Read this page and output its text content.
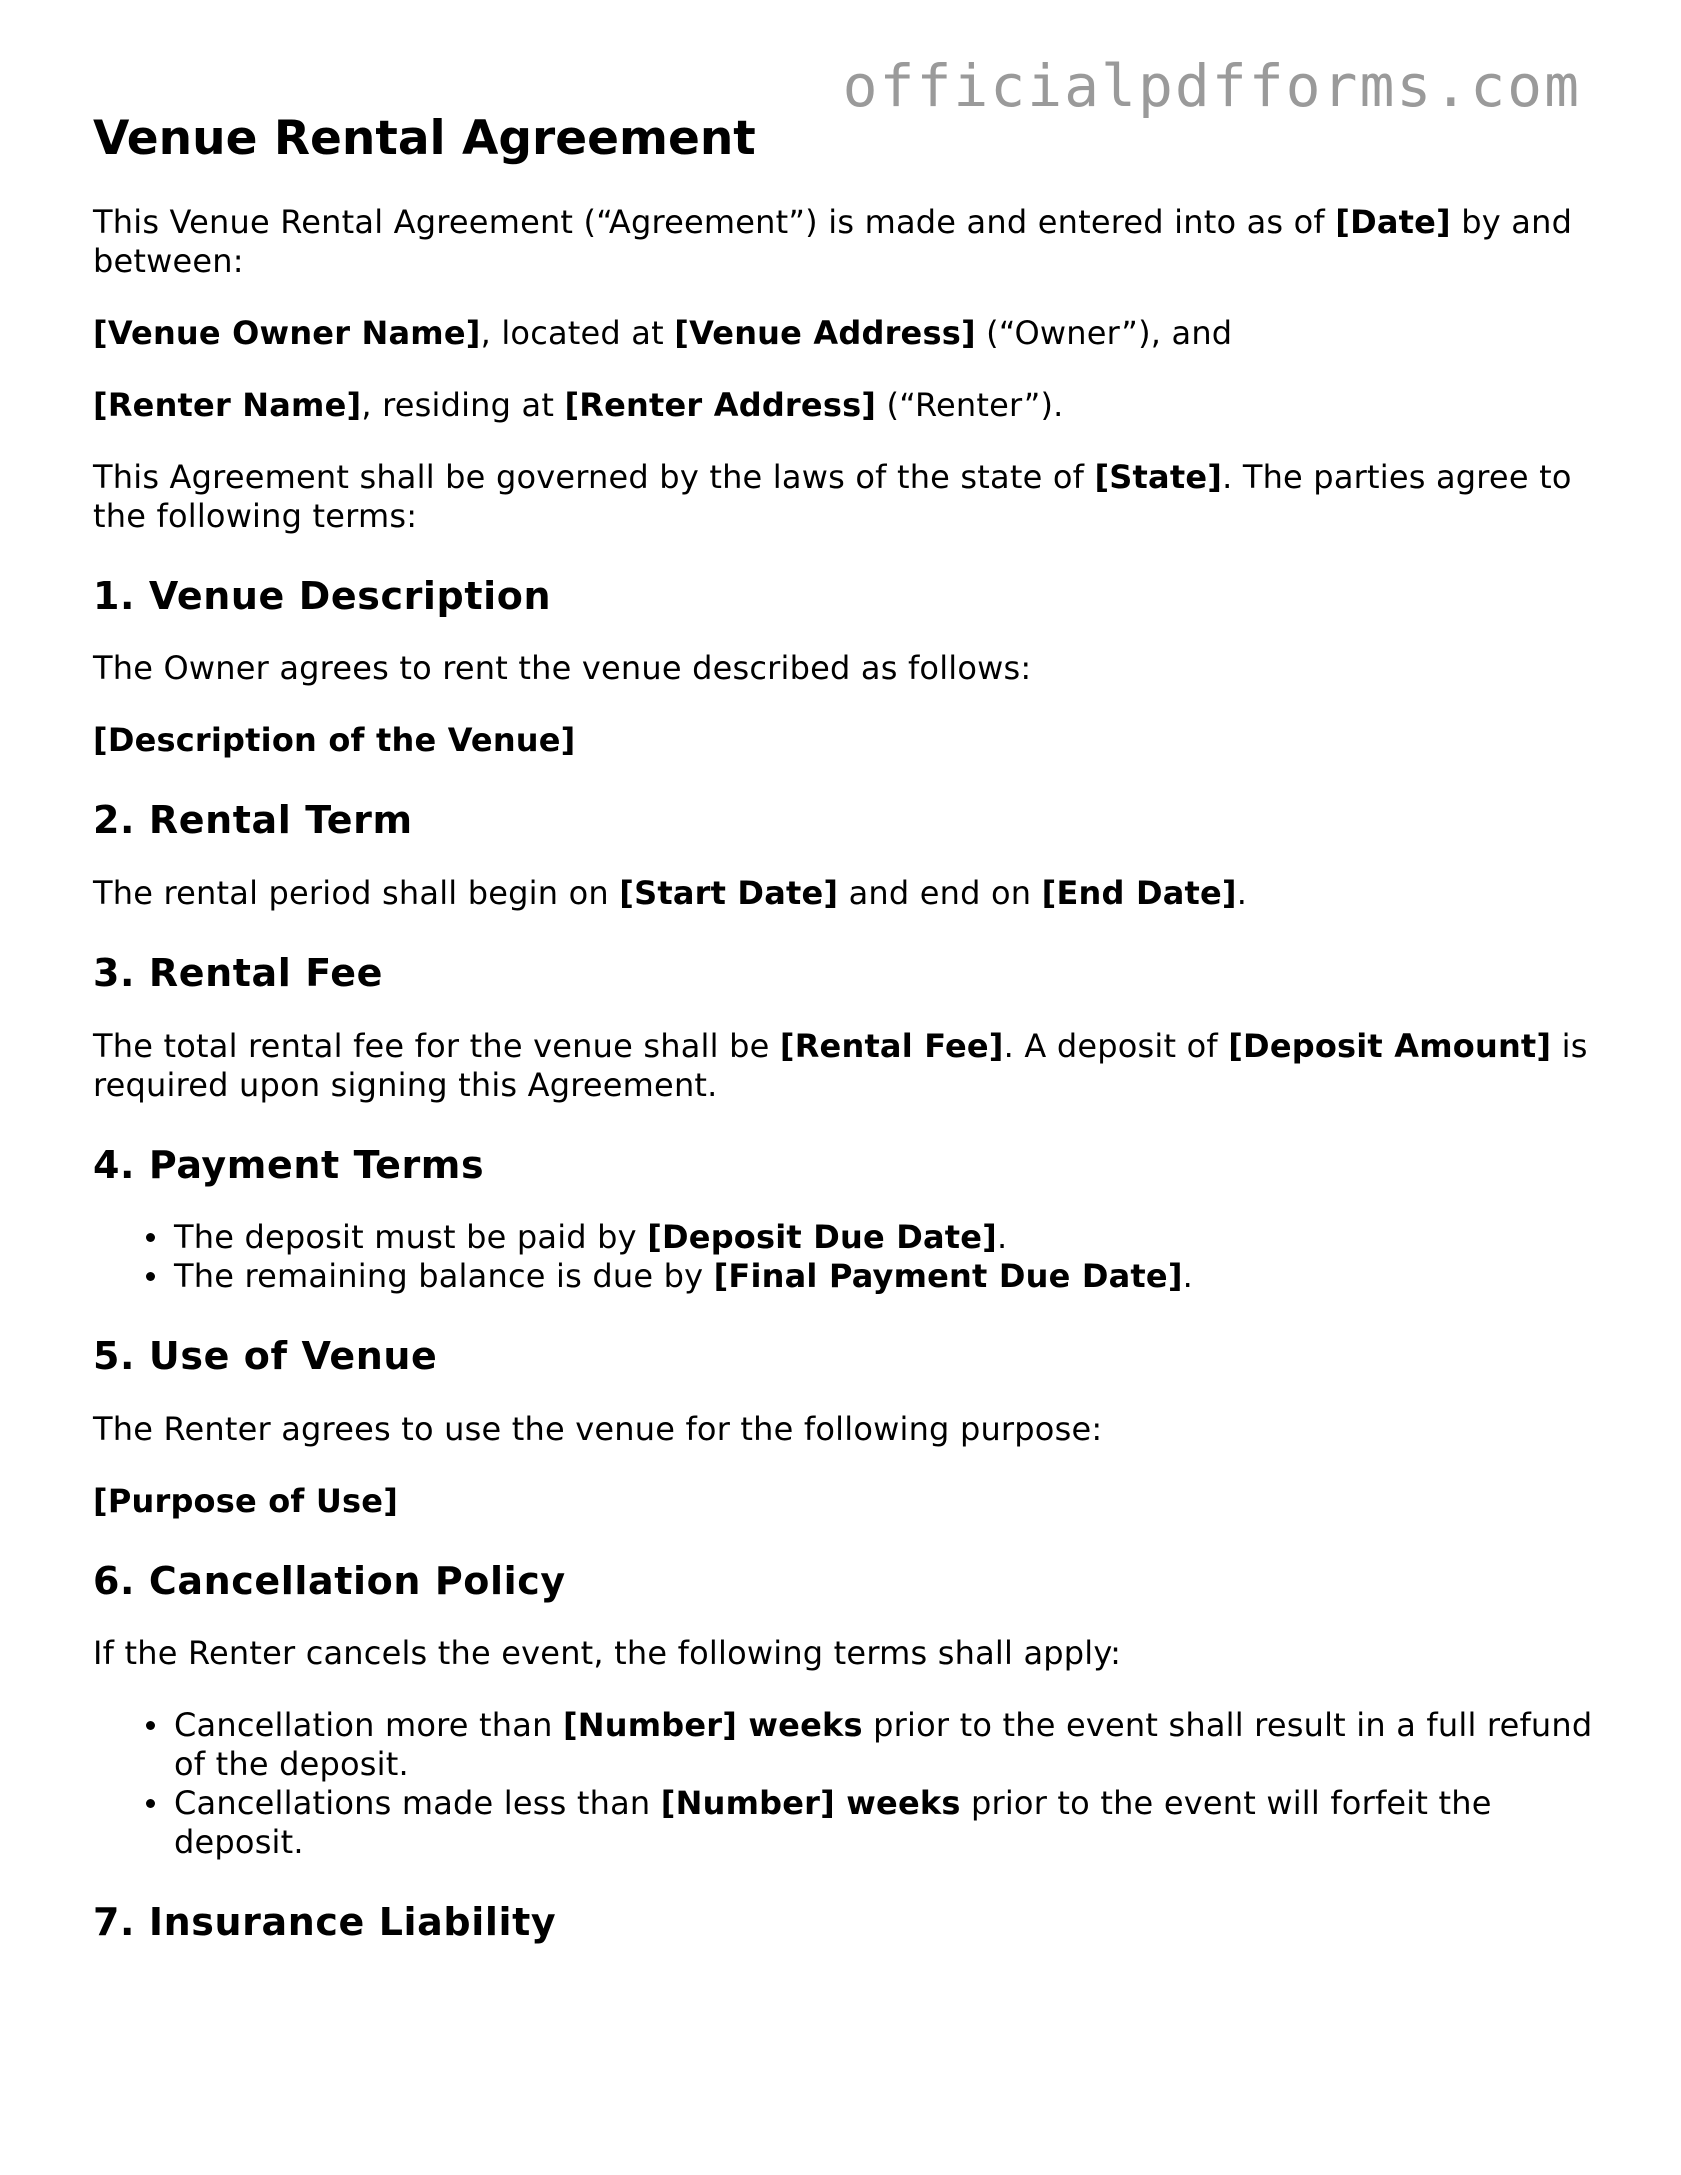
officialpdfforms.com
Venue Rental Agreement

This Venue Rental Agreement (“Agreement”) is made and entered into as of [Date] by and between:

[Venue Owner Name], located at [Venue Address] (“Owner”), and

[Renter Name], residing at [Renter Address] (“Renter”).

This Agreement shall be governed by the laws of the state of [State]. The parties agree to the following terms:

1. Venue Description

The Owner agrees to rent the venue described as follows:

[Description of the Venue]

2. Rental Term

The rental period shall begin on [Start Date] and end on [End Date].

3. Rental Fee

The total rental fee for the venue shall be [Rental Fee]. A deposit of [Deposit Amount] is required upon signing this Agreement.

4. Payment Terms
The deposit must be paid by [Deposit Due Date].
The remaining balance is due by [Final Payment Due Date].
5. Use of Venue

The Renter agrees to use the venue for the following purpose:

[Purpose of Use]

6. Cancellation Policy

If the Renter cancels the event, the following terms shall apply:

Cancellation more than [Number] weeks prior to the event shall result in a full refund of the deposit.
Cancellations made less than [Number] weeks prior to the event will forfeit the deposit.
7. Insurance Liability
